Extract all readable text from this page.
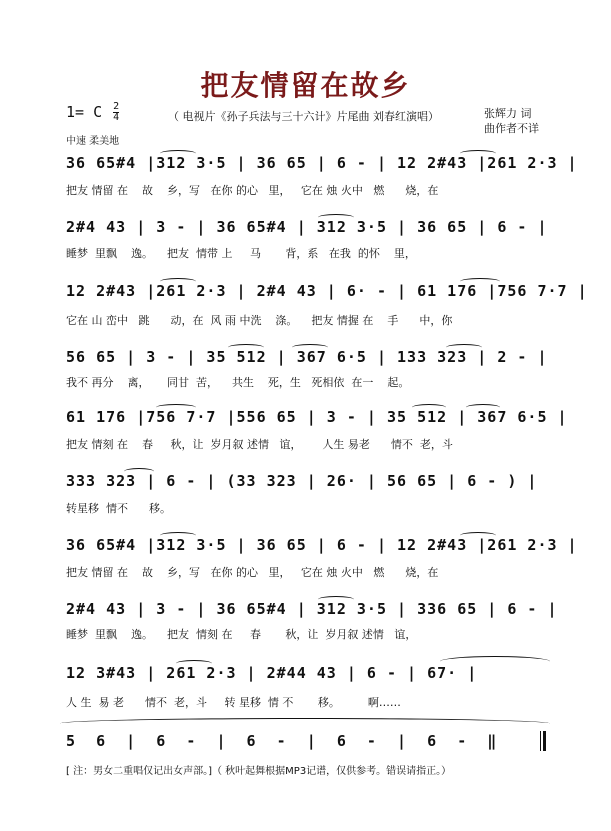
把友情留在故乡
1= C $\frac{2}{4}$	（ 电视片《孙子兵法与三十六计》片尾曲 刘春红演唱）	张辉力 词
曲作者不详
中速 柔美地
36 65#4 |312 3·5 | 36 65 | 6 - | 12 2#43 |261 2·3 |
把友 情留 在    故    乡，写   在你 的心   里，   它在 烛 火中   燃      烧，在
2#4 43 | 3 - | 36 65#4 | 312 3·5 | 36 65 | 6 - |
睡梦  里飘    逸。    把友  情带 上     马       背，系   在我  的怀    里，
12 2#43 |261 2·3 | 2#4 43 | 6· - | 61 176 |756 7·7 |
它在 山 峦中   跳      动，在  风 雨 中洗    涤。    把友 情握 在    手      中，你
56 65 | 3 - | 35 512 | 367 6·5 | 133 323 | 2 - |
我不 再分    离，     同甘  苦，    共生    死，生   死相依  在一    起。
61 176 |756 7·7 |556 65 | 3 - | 35 512 | 367 6·5 |
把友 情刻 在    春     秋，让  岁月叙 述情   谊，      人生 易老      情不  老，斗
333 323 | 6 - | (33 323 | 26· | 56 65 | 6 - ) |
转星移  情不      移。
36 65#4 |312 3·5 | 36 65 | 6 - | 12 2#43 |261 2·3 |
把友 情留 在    故    乡，写   在你 的心   里，   它在 烛 火中   燃      烧，在
2#4 43 | 3 - | 36 65#4 | 312 3·5 | 336 65 | 6 - |
睡梦  里飘    逸。    把友  情刻 在     春       秋，让  岁月叙 述情   谊，
12 3#43 | 261 2·3 | 2#44 43 | 6 - | 67· |
人 生  易 老      情不  老，斗     转 星移  情 不       移。        啊……
5  6  |  6  -  |  6  -  |  6  -  |  6  -  ‖
[ 注：男女二重唱仅记出女声部。]（ 秋叶起舞根据MP3记谱，仅供参考。错误请指正。）
